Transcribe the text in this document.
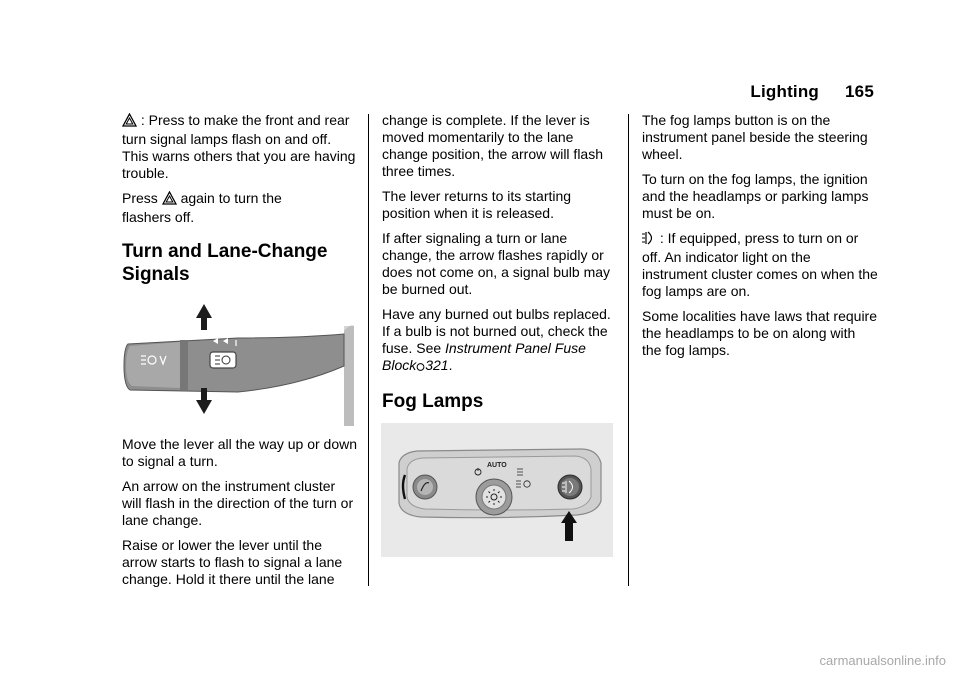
Lighting 165

: Press to make the front and rear turn signal lamps flash on and off. This warns others that you are having trouble.

Press again to turn the
flashers off.

Turn and Lane-Change Signals

Move the lever all the way up or down to signal a turn.

An arrow on the instrument cluster will flash in the direction of the turn or lane change.

Raise or lower the lever until the arrow starts to flash to signal a lane change. Hold it there until the lane

change is complete. If the lever is moved momentarily to the lane change position, the arrow will flash three times.

The lever returns to its starting position when it is released.

If after signaling a turn or lane change, the arrow flashes rapidly or does not come on, a signal bulb may be burned out.

Have any burned out bulbs replaced. If a bulb is not burned out, check the fuse. See Instrument Panel Fuse Block 321.

Fog Lamps
AUTO

The fog lamps button is on the instrument panel beside the steering wheel.

To turn on the fog lamps, the ignition and the headlamps or parking lamps must be on.

: If equipped, press to turn on or off. An indicator light on the instrument cluster comes on when the fog lamps are on.

Some localities have laws that require the headlamps to be on along with the fog lamps.

carmanualsonline.info
